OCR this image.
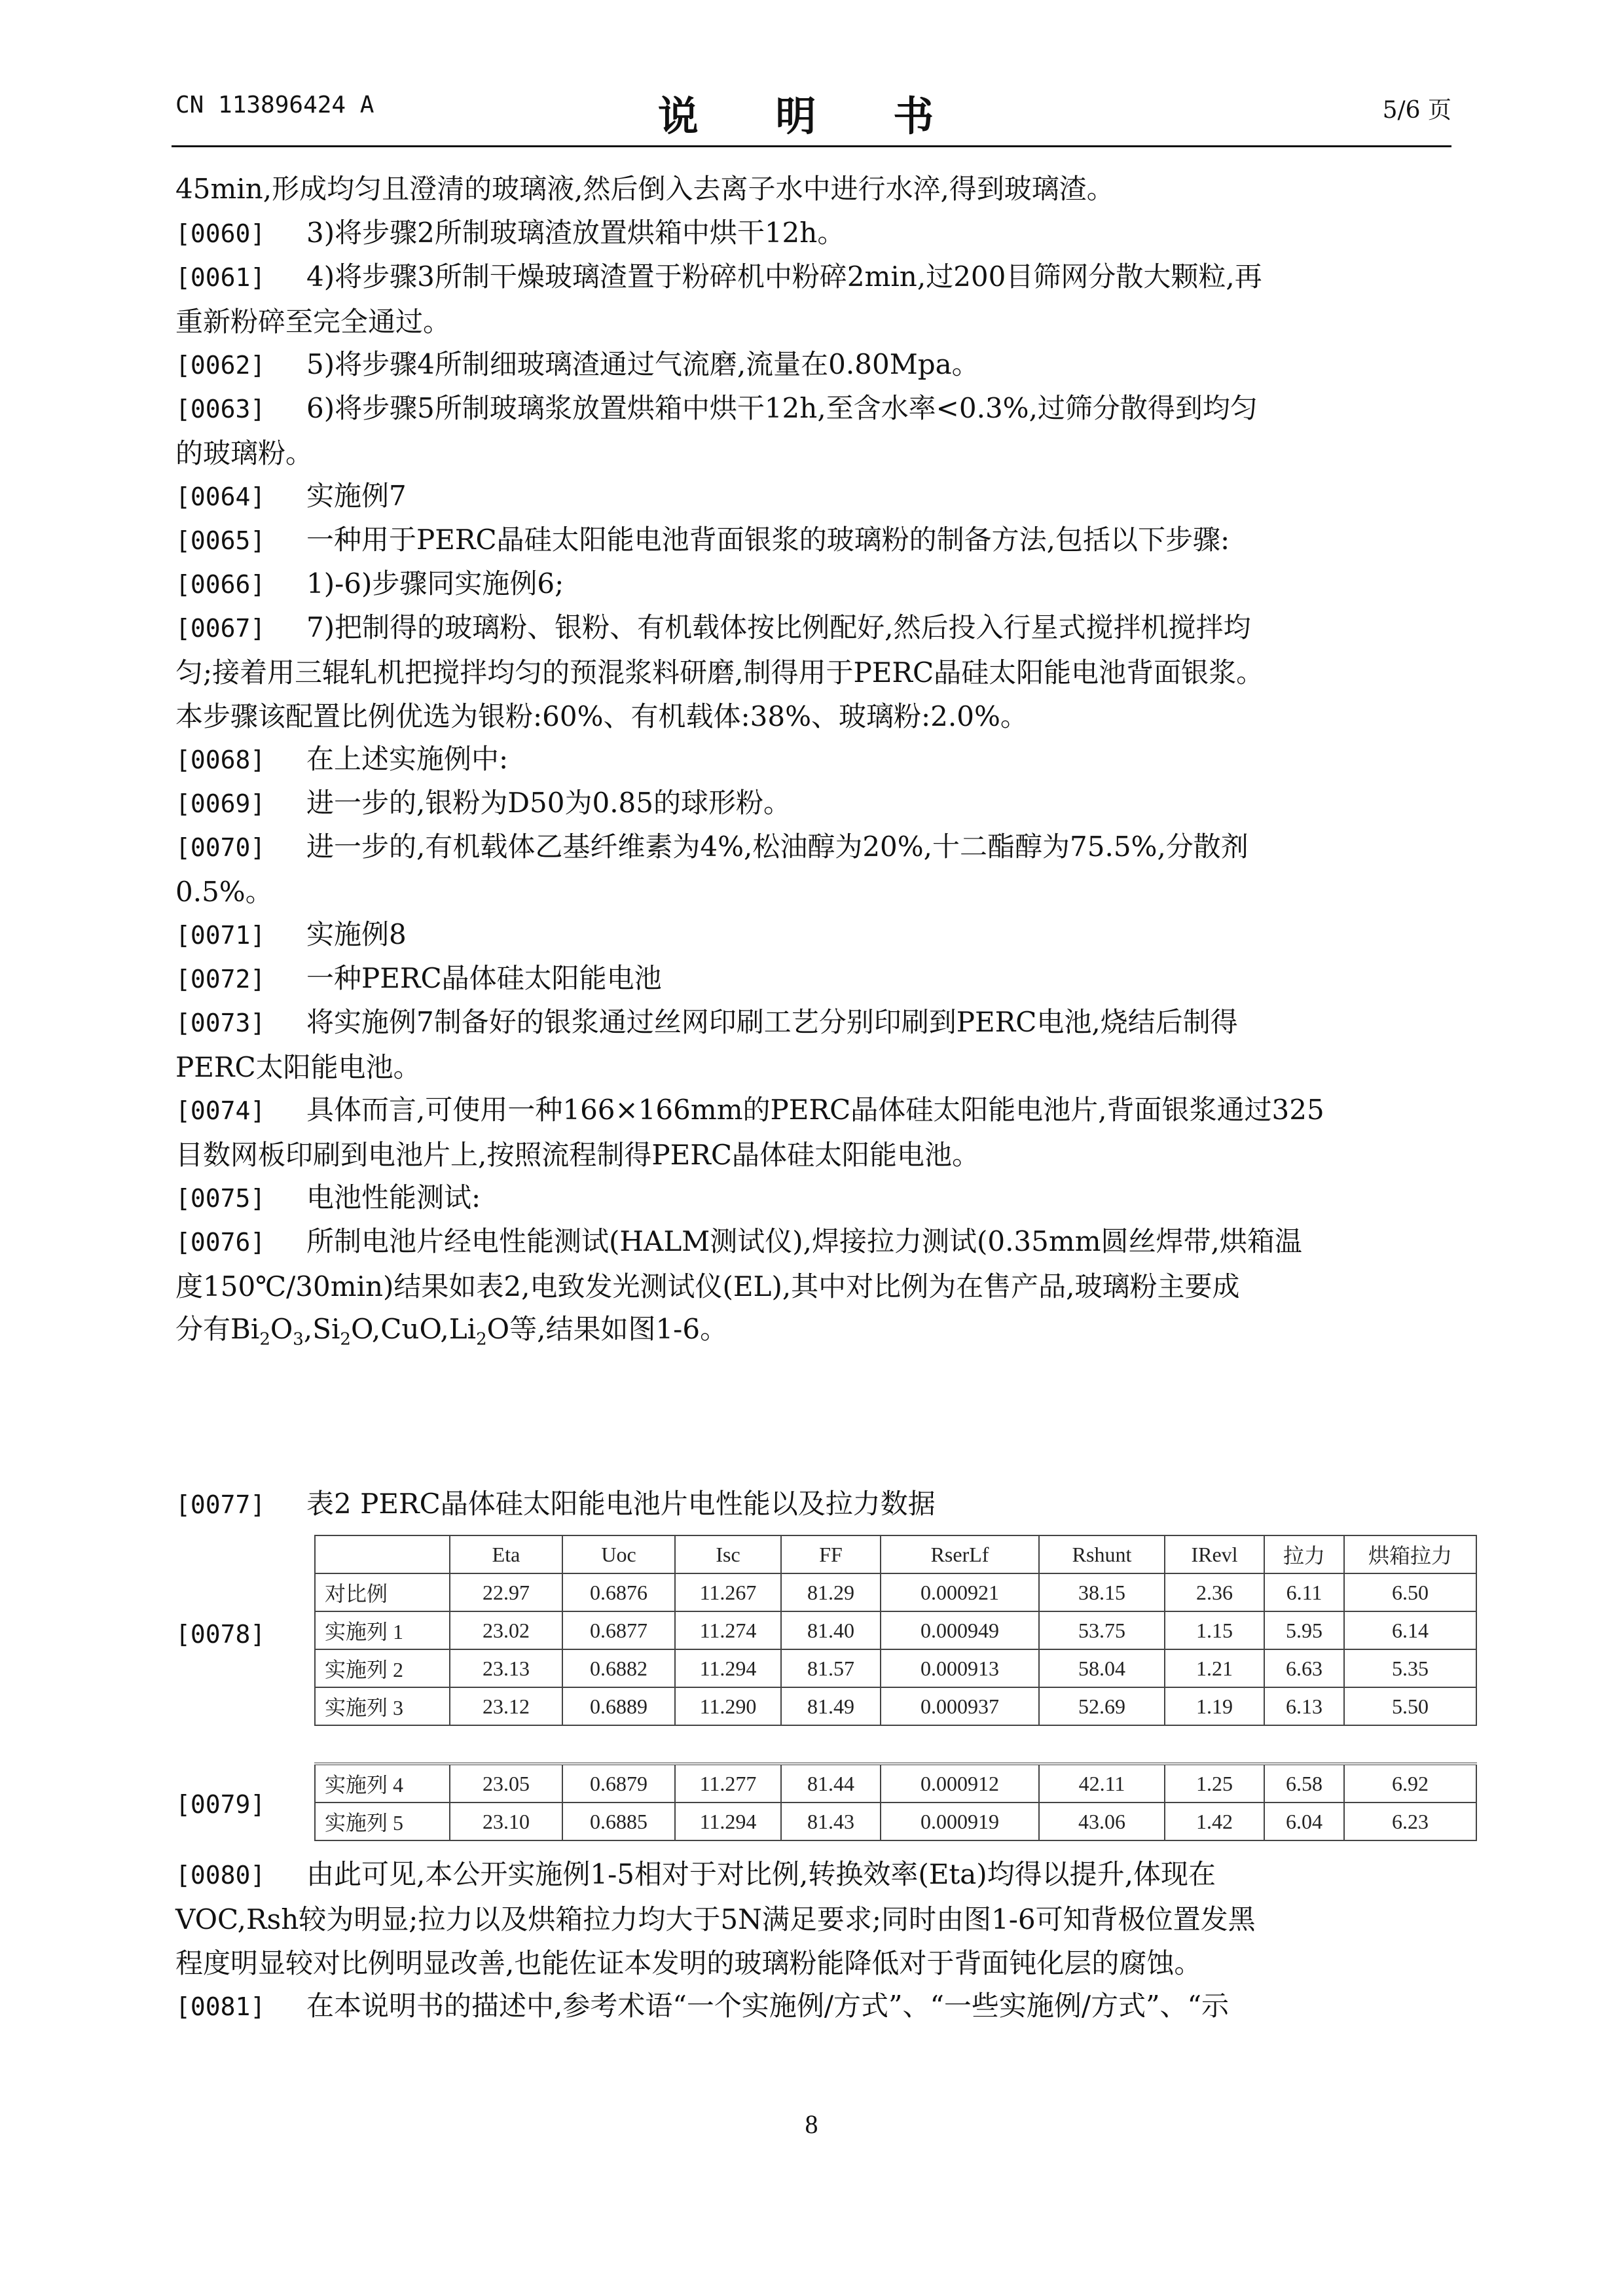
CN 113896424 A	说 明 书	5/6 页
45min,形成均匀且澄清的玻璃液,然后倒入去离子水中进行水淬,得到玻璃渣。
[0060] 3)将步骤2所制玻璃渣放置烘箱中烘干12h。
[0061] 4)将步骤3所制干燥玻璃渣置于粉碎机中粉碎2min,过200目筛网分散大颗粒,再
重新粉碎至完全通过。
[0062] 5)将步骤4所制细玻璃渣通过气流磨,流量在0.80Mpa。
[0063] 6)将步骤5所制玻璃浆放置烘箱中烘干12h,至含水率<0.3%,过筛分散得到均匀
的玻璃粉。
[0064] 实施例7
[0065] 一种用于PERC晶硅太阳能电池背面银浆的玻璃粉的制备方法,包括以下步骤:
[0066] 1)-6)步骤同实施例6;
[0067] 7)把制得的玻璃粉、银粉、有机载体按比例配好,然后投入行星式搅拌机搅拌均
匀;接着用三辊轧机把搅拌均匀的预混浆料研磨,制得用于PERC晶硅太阳能电池背面银浆。
本步骤该配置比例优选为银粉:60%、有机载体:38%、玻璃粉:2.0%。
[0068] 在上述实施例中:
[0069] 进一步的,银粉为D50为0.85的球形粉。
[0070] 进一步的,有机载体乙基纤维素为4%,松油醇为20%,十二酯醇为75.5%,分散剂
0.5%。
[0071] 实施例8
[0072] 一种PERC晶体硅太阳能电池
[0073] 将实施例7制备好的银浆通过丝网印刷工艺分别印刷到PERC电池,烧结后制得
PERC太阳能电池。
[0074] 具体而言,可使用一种166×166mm的PERC晶体硅太阳能电池片,背面银浆通过325
目数网板印刷到电池片上,按照流程制得PERC晶体硅太阳能电池。
[0075] 电池性能测试:
[0076] 所制电池片经电性能测试(HALM测试仪),焊接拉力测试(0.35mm圆丝焊带,烘箱温
度150℃/30min)结果如表2,电致发光测试仪(EL),其中对比例为在售产品,玻璃粉主要成
[0077] 表2 PERC晶体硅太阳能电池片电性能以及拉力数据
[0080] 由此可见,本公开实施例1-5相对于对比例,转换效率(Eta)均得以提升,体现在
VOC,Rsh较为明显;拉力以及烘箱拉力均大于5N满足要求;同时由图1-6可知背极位置发黑
程度明显较对比例明显改善,也能佐证本发明的玻璃粉能降低对于背面钝化层的腐蚀。
[0081] 在本说明书的描述中,参考术语“一个实施例/方式”、“一些实施例/方式”、“示
分有$Bi_2O_3,Si_2O,CuO,Li_2O$等,结果如图1-6。
[0078]
	Eta	Uoc	Isc	FF	RserLf	Rshunt	IRevl	拉力	烘箱拉力
对比例	22.97	0.6876	11.267	81.29	0.000921	38.15	2.36	6.11	6.50
实施列 1	23.02	0.6877	11.274	81.40	0.000949	53.75	1.15	5.95	6.14
实施列 2	23.13	0.6882	11.294	81.57	0.000913	58.04	1.21	6.63	5.35
实施列 3	23.12	0.6889	11.290	81.49	0.000937	52.69	1.19	6.13	5.50
[0079]
实施列 4	23.05	0.6879	11.277	81.44	0.000912	42.11	1.25	6.58	6.92
实施列 5	23.10	0.6885	11.294	81.43	0.000919	43.06	1.42	6.04	6.23
8
